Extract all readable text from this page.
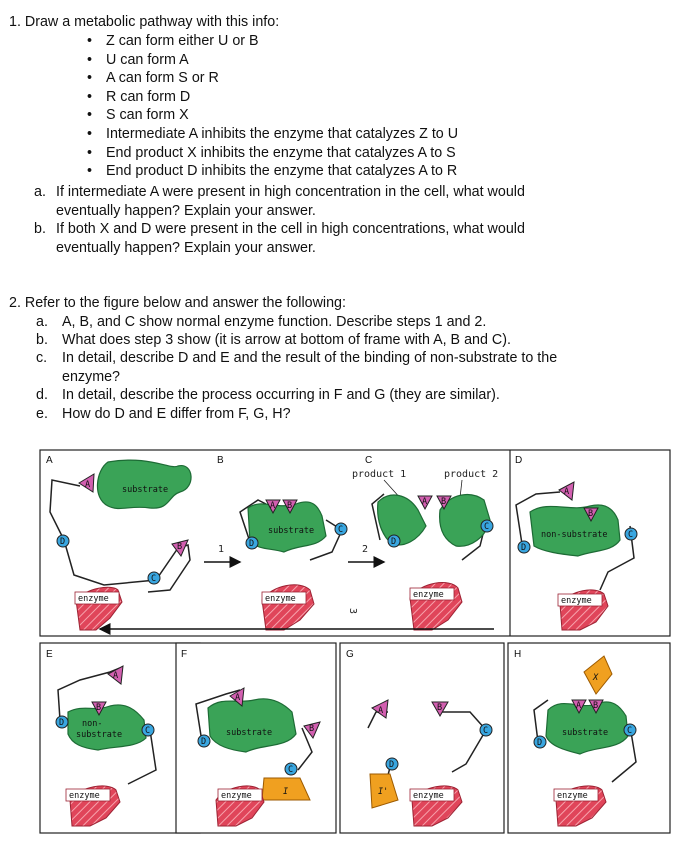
1. Draw a metabolic pathway with this info:
• Z can form either U or B
• U can form A
• A can form S or R
• R can form D
• S can form X
• Intermediate A inhibits the enzyme that catalyzes Z to U
• End product X inhibits the enzyme that catalyzes A to S
• End product D inhibits the enzyme that catalyzes A to R
a. If intermediate A were present in high concentration in the cell, what would
eventually happen? Explain your answer.
b. If both X and D were present in the cell in high concentrations, what would
eventually happen? Explain your answer.
2. Refer to the figure below and answer the following:
a. A, B, and C show normal enzyme function. Describe steps 1 and 2.
b. What does step 3 show (it is arrow at bottom of frame with A, B and C).
c. In detail, describe D and E and the result of the binding of non-substrate to the
enzyme?
d. In detail, describe the process occurring in F and G (they are similar).
e. How do D and E differ from F, G, H?
A	B	C	D
E	F	G	H
substrate
A
B
D
C
enzyme
substrate
A B
D
C
enzyme
product 1	product 2
A B
D
C
enzyme
1	2
3
non-substrate
A
B
D
C
enzyme
non-
substrate
A
B
D
C
enzyme
substrate
A
B
D
C
I
enzyme
A	B
D
C
I'	enzyme
substrate
A B
X
D
C
enzyme
